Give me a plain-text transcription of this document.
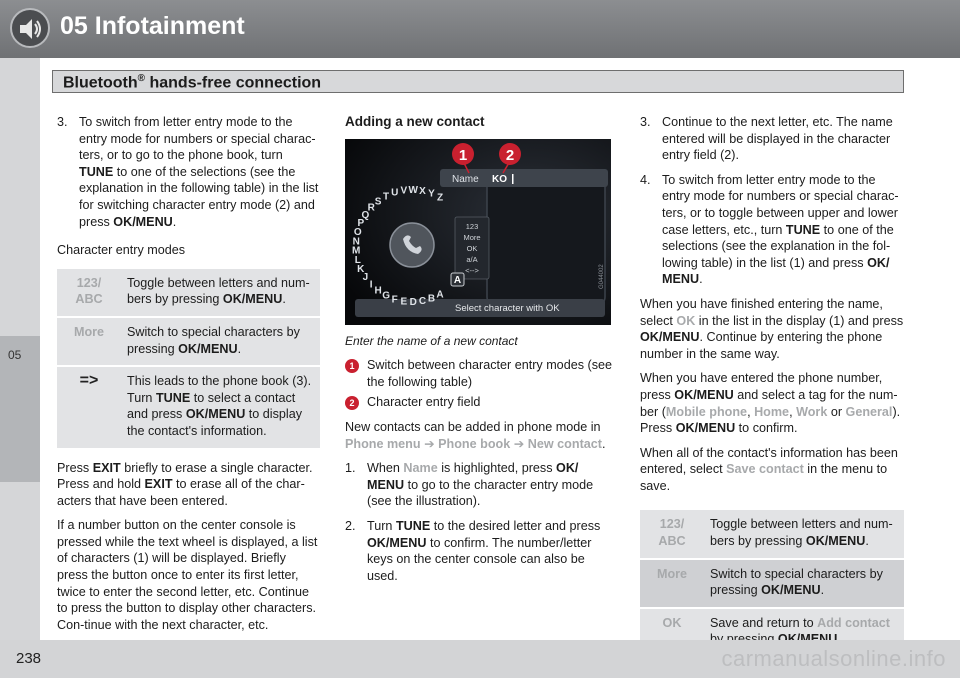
05 Infotainment
Bluetooth® hands-free connection
05
3. To switch from letter entry mode to the entry mode for numbers or special charac-ters, or to go to the phone book, turn TUNE to one of the selections (see the explanation in the following table) in the list for switching character entry mode (2) and press OK/MENU.

Character entry modes

123/
ABC	Toggle between letters and num-bers by pressing OK/MENU.
More	Switch to special characters by pressing OK/MENU.
=>	This leads to the phone book (3). Turn TUNE to select a contact and press OK/MENU to display the contact's information.

Press EXIT briefly to erase a single character. Press and hold EXIT to erase all of the char-acters that have been entered.

If a number button on the center console is pressed while the text wheel is displayed, a list of characters (1) will be displayed. Briefly press the button once to enter its first letter, twice to enter the second letter, etc. Continue to press the button to display other characters. Con-tinue with the next character, etc.

Adding a new contact

A
B
C
D
E
F
G
H
I
J
K
L
M
N
O
P
Q
R
S T U V W X Y Z
123
More
OK
a/A
<-->
A
Name KO
Select character with OK
G044002
1	2

Enter the name of a new contact

1 Switch between character entry modes (see the following table)
2 Character entry field

New contacts can be added in phone mode in Phone menu ➔ Phone book ➔ New contact.

1. When Name is highlighted, press OK/ MENU to go to the character entry mode (see the illustration).
2. Turn TUNE to the desired letter and press OK/MENU to confirm. The number/letter keys on the center console can also be used.
3. Continue to the next letter, etc. The name entered will be displayed in the character entry field (2).
4. To switch from letter entry mode to the entry mode for numbers or special charac-ters, or to toggle between upper and lower case letters, etc., turn TUNE to one of the selections (see the explanation in the fol-lowing table) in the list (1) and press OK/ MENU.

When you have finished entering the name, select OK in the list in the display (1) and press OK/MENU. Continue by entering the phone number in the same way.

When you have entered the phone number, press OK/MENU and select a tag for the num-ber (Mobile phone, Home, Work or General). Press OK/MENU to confirm.

When all of the contact's information has been entered, select Save contact in the menu to save.

123/
ABC	Toggle between letters and num-bers by pressing OK/MENU.
More	Switch to special characters by pressing OK/MENU.
OK	Save and return to Add contact
238	carmanualsonline.info
